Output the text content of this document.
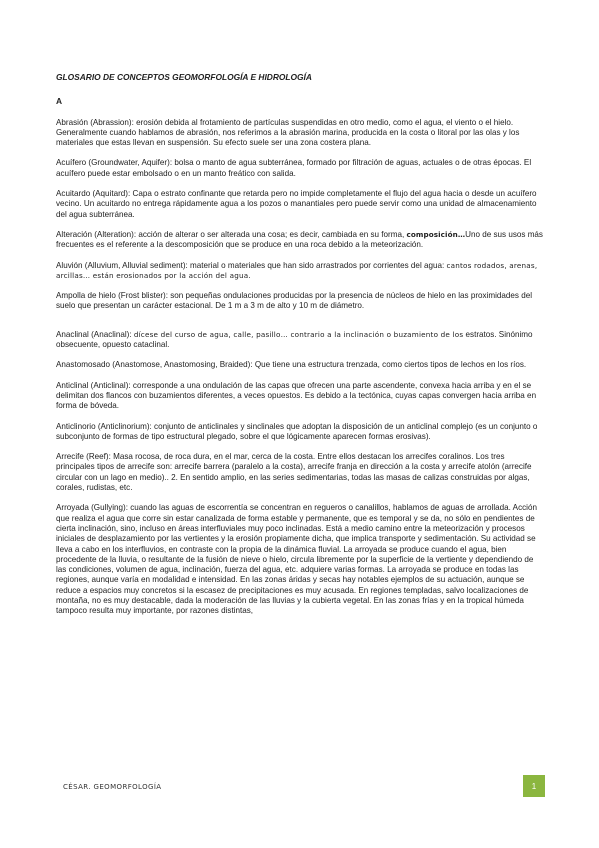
GLOSARIO DE CONCEPTOS GEOMORFOLOGÍA E HIDROLOGÍA

A

Abrasión (Abrassion): erosión debida al frotamiento de partículas suspendidas en otro medio, como el agua, el viento o el hielo. Generalmente cuando hablamos de abrasión, nos referimos a la abrasión marina, producida en la costa o litoral por las olas y los materiales que estas llevan en suspensión. Su efecto suele ser una zona costera plana.

Acuífero (Groundwater, Aquifer): bolsa o manto de agua subterránea, formado por filtración de aguas, actuales o de otras épocas. El acuífero puede estar embolsado o en un manto freático con salida.

Acuitardo (Aquitard): Capa o estrato confinante que retarda pero no impide completamente el flujo del agua hacia o desde un acuífero vecino. Un acuitardo no entrega rápidamente agua a los pozos o manantiales pero puede servir como una unidad de almacenamiento del agua subterránea.

Alteración (Alteration): acción de alterar o ser alterada una cosa; es decir, cambiada en su forma, composición…Uno de sus usos más frecuentes es el referente a la descomposición que se produce en una roca debido a la meteorización.

Aluvión (Alluvium, Alluvial sediment): material o materiales que han sido arrastrados por corrientes del agua: cantos rodados, arenas, arcillas… están erosionados por la acción del agua.

Ampolla de hielo (Frost blister): son pequeñas ondulaciones producidas por la presencia de núcleos de hielo en las proximidades del suelo que presentan un carácter estacional. De 1 m a 3 m de alto y 10 m de diámetro.

Anaclinal (Anaclinal): dícese del curso de agua, calle, pasillo… contrario a la inclinación o buzamiento de los estratos. Sinónimo obsecuente, opuesto cataclinal.

Anastomosado (Anastomose, Anastomosing, Braided): Que tiene una estructura trenzada, como ciertos tipos de lechos en los ríos.

Anticlinal (Anticlinal): corresponde a una ondulación de las capas que ofrecen una parte ascendente, convexa hacia arriba y en el se delimitan dos flancos con buzamientos diferentes, a veces opuestos. Es debido a la tectónica, cuyas capas convergen hacia arriba en forma de bóveda.

Anticlinorio (Anticlinorium): conjunto de anticlinales y sinclinales que adoptan la disposición de un anticlinal complejo (es un conjunto o subconjunto de formas de tipo estructural plegado, sobre el que lógicamente aparecen formas erosivas).

Arrecife (Reef): Masa rocosa, de roca dura, en el mar, cerca de la costa. Entre ellos destacan los arrecifes coralinos. Los tres principales tipos de arrecife son: arrecife barrera (paralelo a la costa), arrecife franja en dirección a la costa y arrecife atolón (arrecife circular con un lago en medio).. 2. En sentido amplio, en las series sedimentarias, todas las masas de calizas construidas por algas, corales, rudistas, etc.

Arroyada (Gullying): cuando las aguas de escorrentía se concentran en regueros o canalillos, hablamos de aguas de arrollada. Acción que realiza el agua que corre sin estar canalizada de forma estable y permanente, que es temporal y se da, no sólo en pendientes de cierta inclinación, sino, incluso en áreas interfluviales muy poco inclinadas. Está a medio camino entre la meteorización y procesos iniciales de desplazamiento por las vertientes y la erosión propiamente dicha, que implica transporte y sedimentación. Su actividad se lleva a cabo en los interfluvios, en contraste con la propia de la dinámica fluvial. La arroyada se produce cuando el agua, bien procedente de la lluvia, o resultante de la fusión de nieve o hielo, circula libremente por la superficie de la vertiente y dependiendo de las condiciones, volumen de agua, inclinación, fuerza del agua, etc. adquiere varias formas. La arroyada se produce en todas las regiones, aunque varía en modalidad e intensidad. En las zonas áridas y secas hay notables ejemplos de su actuación, aunque se reduce a espacios muy concretos si la escasez de precipitaciones es muy acusada. En regiones templadas, salvo localizaciones de montaña, no es muy destacable, dada la moderación de las lluvias y la cubierta vegetal. En las zonas frías y en la tropical húmeda tampoco resulta muy importante, por razones distintas,

CÉSAR. GEOMORFOLOGÍA	1
